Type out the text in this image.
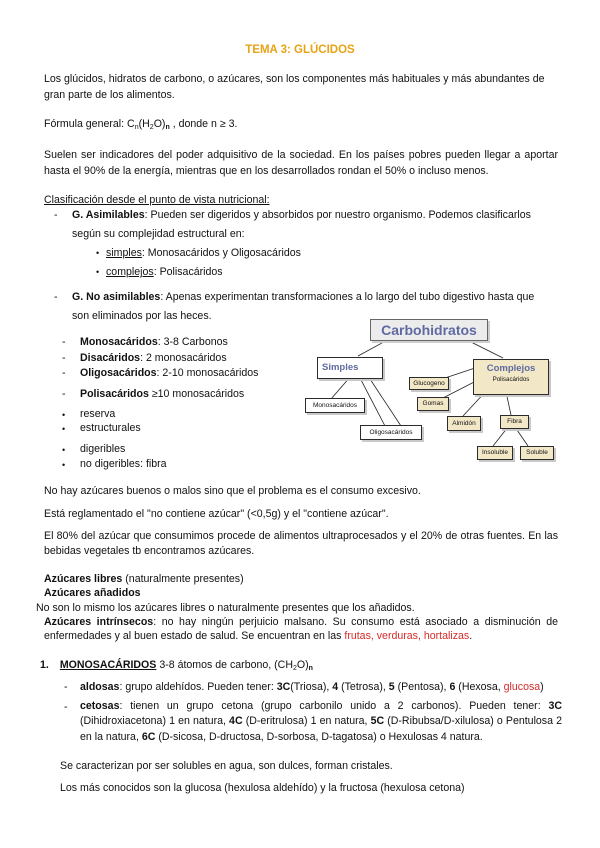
TEMA 3: GLÚCIDOS
Los glúcidos, hidratos de carbono, o azúcares, son los componentes más habituales y más abundantes de gran parte de los alimentos.
Fórmula general: $C_n(H_2O)_n$ , donde n ≥ 3.
Suelen ser indicadores del poder adquisitivo de la sociedad. En los países pobres pueden llegar a aportar hasta el 90% de la energía, mientras que en los desarrollados rondan el 50% o incluso menos.
Clasificación desde el punto de vista nutricional:
- G. Asimilables: Pueden ser digeridos y absorbidos por nuestro organismo. Podemos clasificarlos
según su complejidad estructural en:
• simples: Monosacáridos y Oligosacáridos
• complejos: Polisacáridos
- G. No asimilables: Apenas experimentan transformaciones a lo largo del tubo digestivo hasta que
son eliminados por las heces.
- Monosacáridos: 3-8 Carbonos
- Disacáridos: 2 monosacáridos
- Oligosacáridos: 2-10 monosacáridos
- Polisacáridos ≥10 monosacáridos
• reserva
• estructurales
• digeribles
• no digeribles: fibra
Carbohidratos
Simples	Complejos
Polisacáridos
Monosacáridos
Oligosacáridos
Glucogeno
Gomas
Almidón	Fibra
Insoluble	Soluble
No hay azúcares buenos o malos sino que el problema es el consumo excesivo.
Está reglamentado el "no contiene azúcar" (<0,5g) y el "contiene azúcar".
El 80% del azúcar que consumimos procede de alimentos ultraprocesados y el 20% de otras fuentes. En las bebidas vegetales tb encontramos azúcares.
Azúcares libres (naturalmente presentes)
Azúcares añadidos
No son lo mismo los azúcares libres o naturalmente presentes que los añadidos.
Azúcares intrínsecos: no hay ningún perjuicio malsano. Su consumo está asociado a disminución de enfermedades y al buen estado de salud. Se encuentran en las frutas, verduras, hortalizas.
1. MONOSACÁRIDOS 3-8 átomos de carbono, $(CH_2O)_n$
- aldosas: grupo aldehídos. Pueden tener: 3C(Triosa), 4 (Tetrosa), 5 (Pentosa), 6 (Hexosa, glucosa)
- cetosas: tienen un grupo cetona (grupo carbonilo unido a 2 carbonos). Pueden tener: 3C (Dihidroxiacetona) 1 en natura, 4C (D-eritrulosa) 1 en natura, 5C (D-Ribubsa/D-xilulosa) o Pentulosa 2 en la natura, 6C (D-sicosa, D-dructosa, D-sorbosa, D-tagatosa) o Hexulosas 4 natura.
Se caracterizan por ser solubles en agua, son dulces, forman cristales.
Los más conocidos son la glucosa (hexulosa aldehído) y la fructosa (hexulosa cetona)
